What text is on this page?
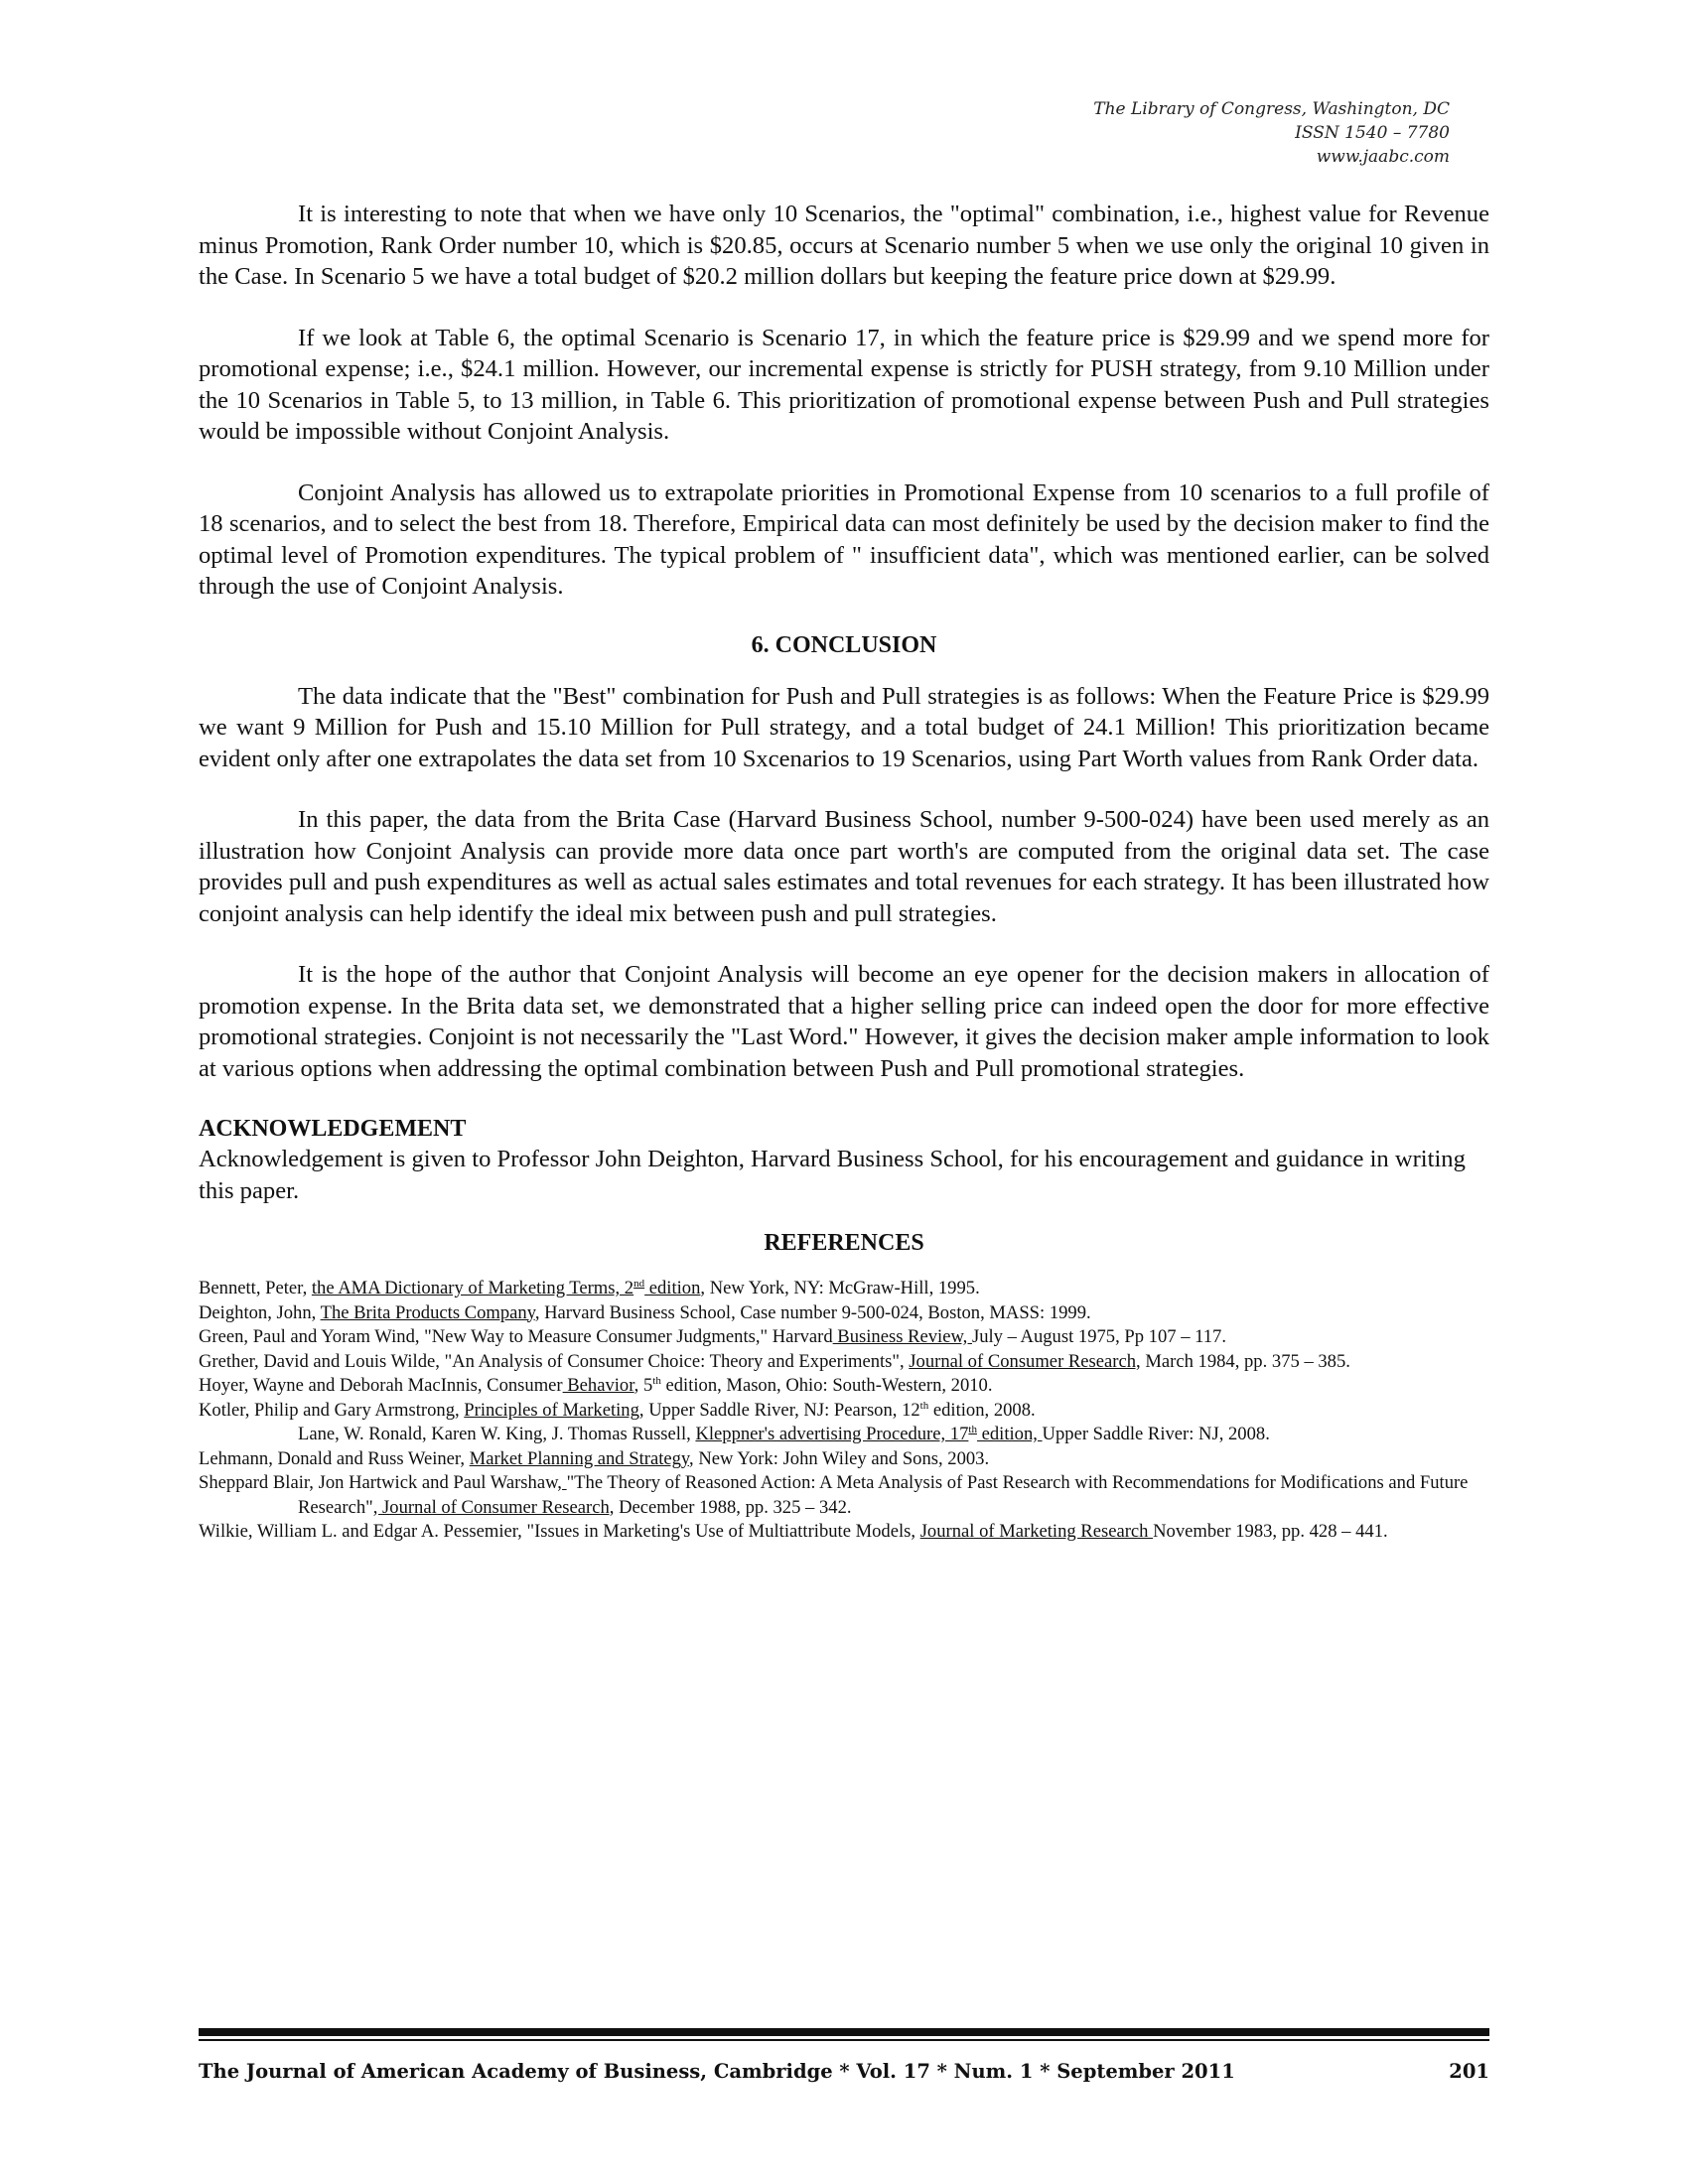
The Library of Congress, Washington, DC
ISSN 1540 – 7780
www.jaabc.com

It is interesting to note that when we have only 10 Scenarios, the "optimal" combination, i.e., highest value for Revenue minus Promotion, Rank Order number 10, which is $20.85, occurs at Scenario number 5 when we use only the original 10 given in the Case. In Scenario 5 we have a total budget of $20.2 million dollars but keeping the feature price down at $29.99.

If we look at Table 6, the optimal Scenario is Scenario 17, in which the feature price is $29.99 and we spend more for promotional expense; i.e., $24.1 million. However, our incremental expense is strictly for PUSH strategy, from 9.10 Million under the 10 Scenarios in Table 5, to 13 million, in Table 6. This prioritization of promotional expense between Push and Pull strategies would be impossible without Conjoint Analysis.

Conjoint Analysis has allowed us to extrapolate priorities in Promotional Expense from 10 scenarios to a full profile of 18 scenarios, and to select the best from 18. Therefore, Empirical data can most definitely be used by the decision maker to find the optimal level of Promotion expenditures. The typical problem of " insufficient data", which was mentioned earlier, can be solved through the use of Conjoint Analysis.

6. CONCLUSION

The data indicate that the "Best" combination for Push and Pull strategies is as follows: When the Feature Price is $29.99 we want 9 Million for Push and 15.10 Million for Pull strategy, and a total budget of 24.1 Million! This prioritization became evident only after one extrapolates the data set from 10 Sxcenarios to 19 Scenarios, using Part Worth values from Rank Order data.

In this paper, the data from the Brita Case (Harvard Business School, number 9-500-024) have been used merely as an illustration how Conjoint Analysis can provide more data once part worth's are computed from the original data set. The case provides pull and push expenditures as well as actual sales estimates and total revenues for each strategy. It has been illustrated how conjoint analysis can help identify the ideal mix between push and pull strategies.

It is the hope of the author that Conjoint Analysis will become an eye opener for the decision makers in allocation of promotion expense. In the Brita data set, we demonstrated that a higher selling price can indeed open the door for more effective promotional strategies. Conjoint is not necessarily the "Last Word." However, it gives the decision maker ample information to look at various options when addressing the optimal combination between Push and Pull promotional strategies.

ACKNOWLEDGEMENT

Acknowledgement is given to Professor John Deighton, Harvard Business School, for his encouragement and guidance in writing this paper.

REFERENCES

Bennett, Peter, the AMA Dictionary of Marketing Terms, 2nd edition, New York, NY: McGraw-Hill, 1995.

Deighton, John, The Brita Products Company, Harvard Business School, Case number 9-500-024, Boston, MASS: 1999.

Green, Paul and Yoram Wind, "New Way to Measure Consumer Judgments," Harvard Business Review, July – August 1975, Pp 107 – 117.

Grether, David and Louis Wilde, "An Analysis of Consumer Choice: Theory and Experiments", Journal of Consumer Research, March 1984, pp. 375 – 385.

Hoyer, Wayne and Deborah MacInnis, Consumer Behavior, 5th edition, Mason, Ohio: South-Western, 2010.

Kotler, Philip and Gary Armstrong, Principles of Marketing, Upper Saddle River, NJ: Pearson, 12th edition, 2008.

Lane, W. Ronald, Karen W. King, J. Thomas Russell, Kleppner's advertising Procedure, 17th edition, Upper Saddle River: NJ, 2008.

Lehmann, Donald and Russ Weiner, Market Planning and Strategy, New York: John Wiley and Sons, 2003.

Sheppard Blair, Jon Hartwick and Paul Warshaw, "The Theory of Reasoned Action: A Meta Analysis of Past Research with Recommendations for Modifications and Future Research", Journal of Consumer Research, December 1988, pp. 325 – 342.

Wilkie, William L. and Edgar A. Pessemier, "Issues in Marketing's Use of Multiattribute Models, Journal of Marketing Research November 1983, pp. 428 – 441.

The Journal of American Academy of Business, Cambridge * Vol. 17 * Num. 1 * September 2011	201
